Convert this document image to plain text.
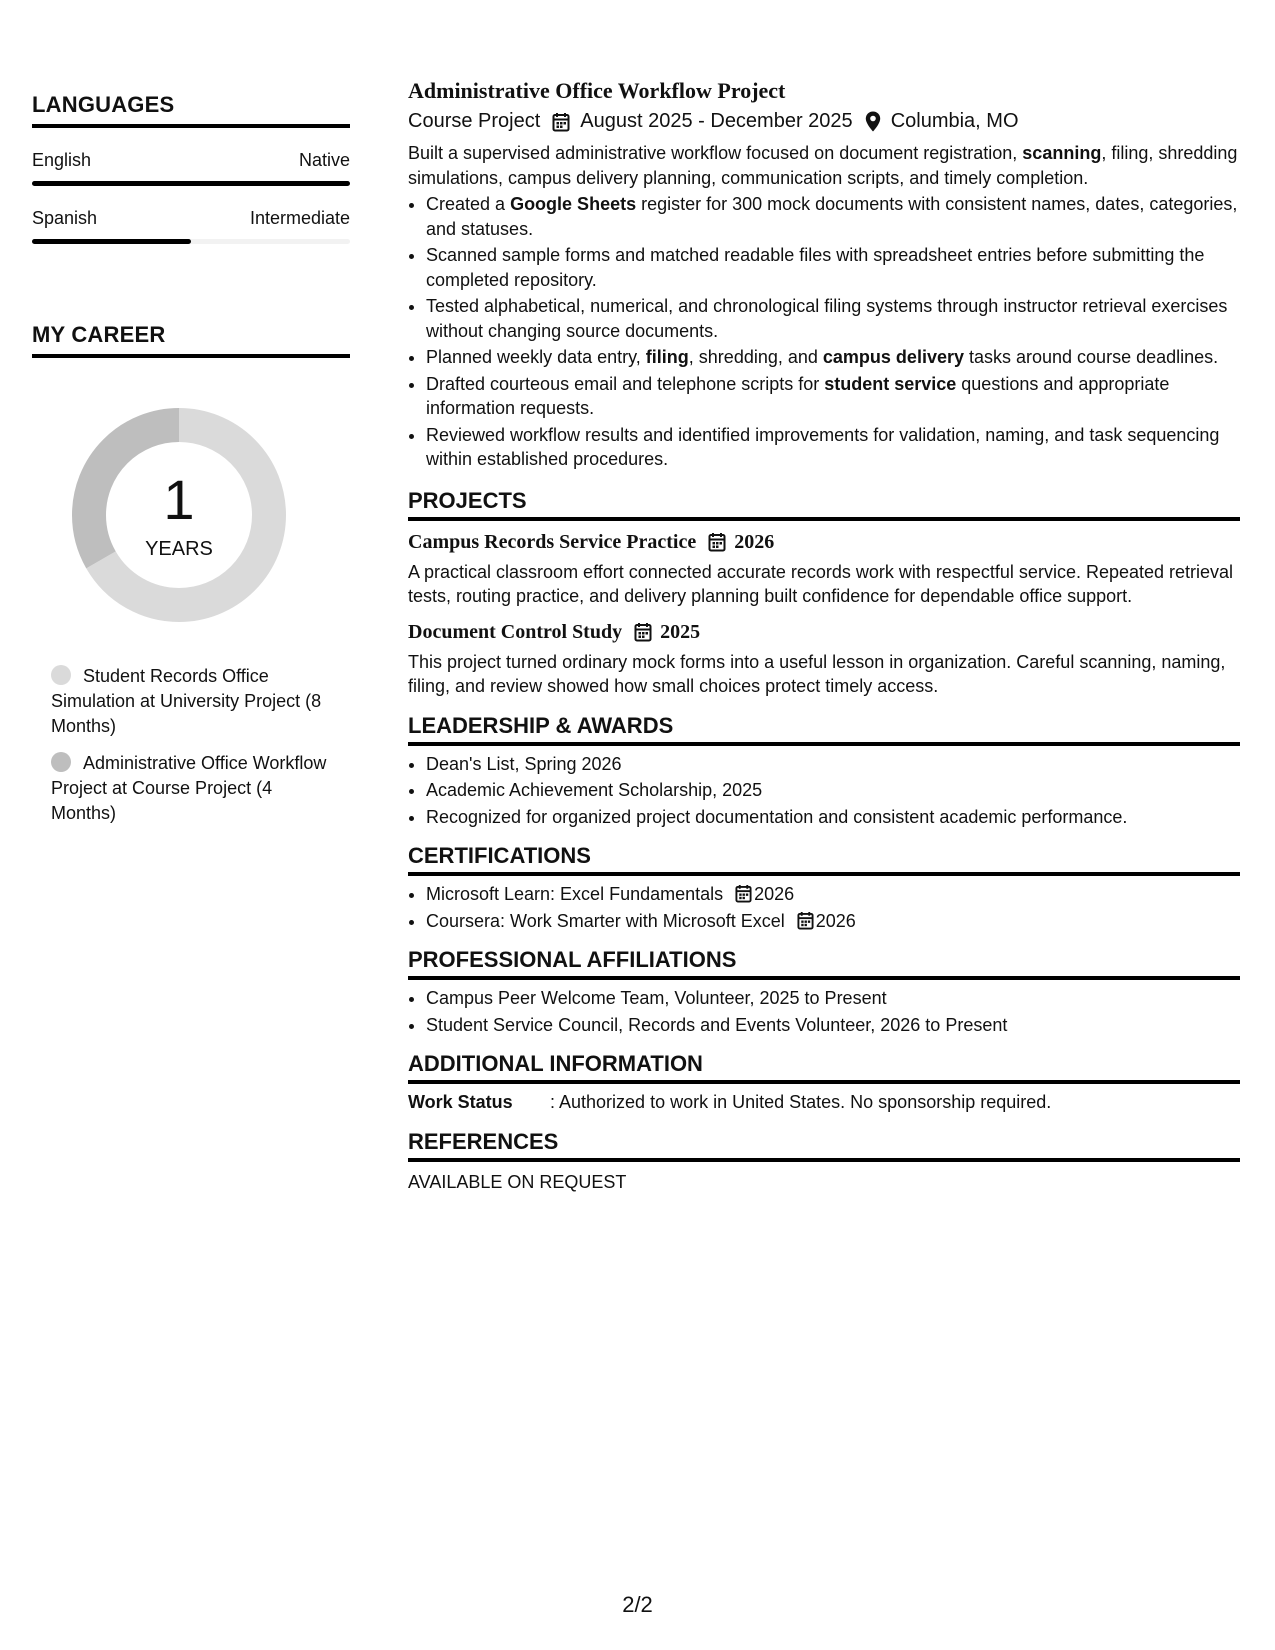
LANGUAGES
English	Native
Spanish	Intermediate
MY CAREER
1
YEARS
Student Records Office Simulation at University Project (8 Months)
Administrative Office Workflow Project at Course Project (4 Months)
Administrative Office Workflow Project
Course Project August 2025 - December 2025 Columbia, MO

Built a supervised administrative workflow focused on document registration, scanning, filing, shredding simulations, campus delivery planning, communication scripts, and timely completion.

• Created a Google Sheets register for 300 mock documents with consistent names, dates, categories, and statuses.
• Scanned sample forms and matched readable files with spreadsheet entries before submitting the completed repository.
• Tested alphabetical, numerical, and chronological filing systems through instructor retrieval exercises without changing source documents.
• Planned weekly data entry, filing, shredding, and campus delivery tasks around course deadlines.
• Drafted courteous email and telephone scripts for student service questions and appropriate information requests.
• Reviewed workflow results and identified improvements for validation, naming, and task sequencing within established procedures.
PROJECTS
Campus Records Service Practice 2026

A practical classroom effort connected accurate records work with respectful service. Repeated retrieval tests, routing practice, and delivery planning built confidence for dependable office support.

Document Control Study 2025

This project turned ordinary mock forms into a useful lesson in organization. Careful scanning, naming, filing, and review showed how small choices protect timely access.

LEADERSHIP & AWARDS
• Dean's List, Spring 2026
• Academic Achievement Scholarship, 2025
• Recognized for organized project documentation and consistent academic performance.
CERTIFICATIONS
• Microsoft Learn: Excel Fundamentals 2026
• Coursera: Work Smarter with Microsoft Excel 2026
PROFESSIONAL AFFILIATIONS
• Campus Peer Welcome Team, Volunteer, 2025 to Present
• Student Service Council, Records and Events Volunteer, 2026 to Present
ADDITIONAL INFORMATION
Work Status	: Authorized to work in United States. No sponsorship required.
REFERENCES
AVAILABLE ON REQUEST
2/2
